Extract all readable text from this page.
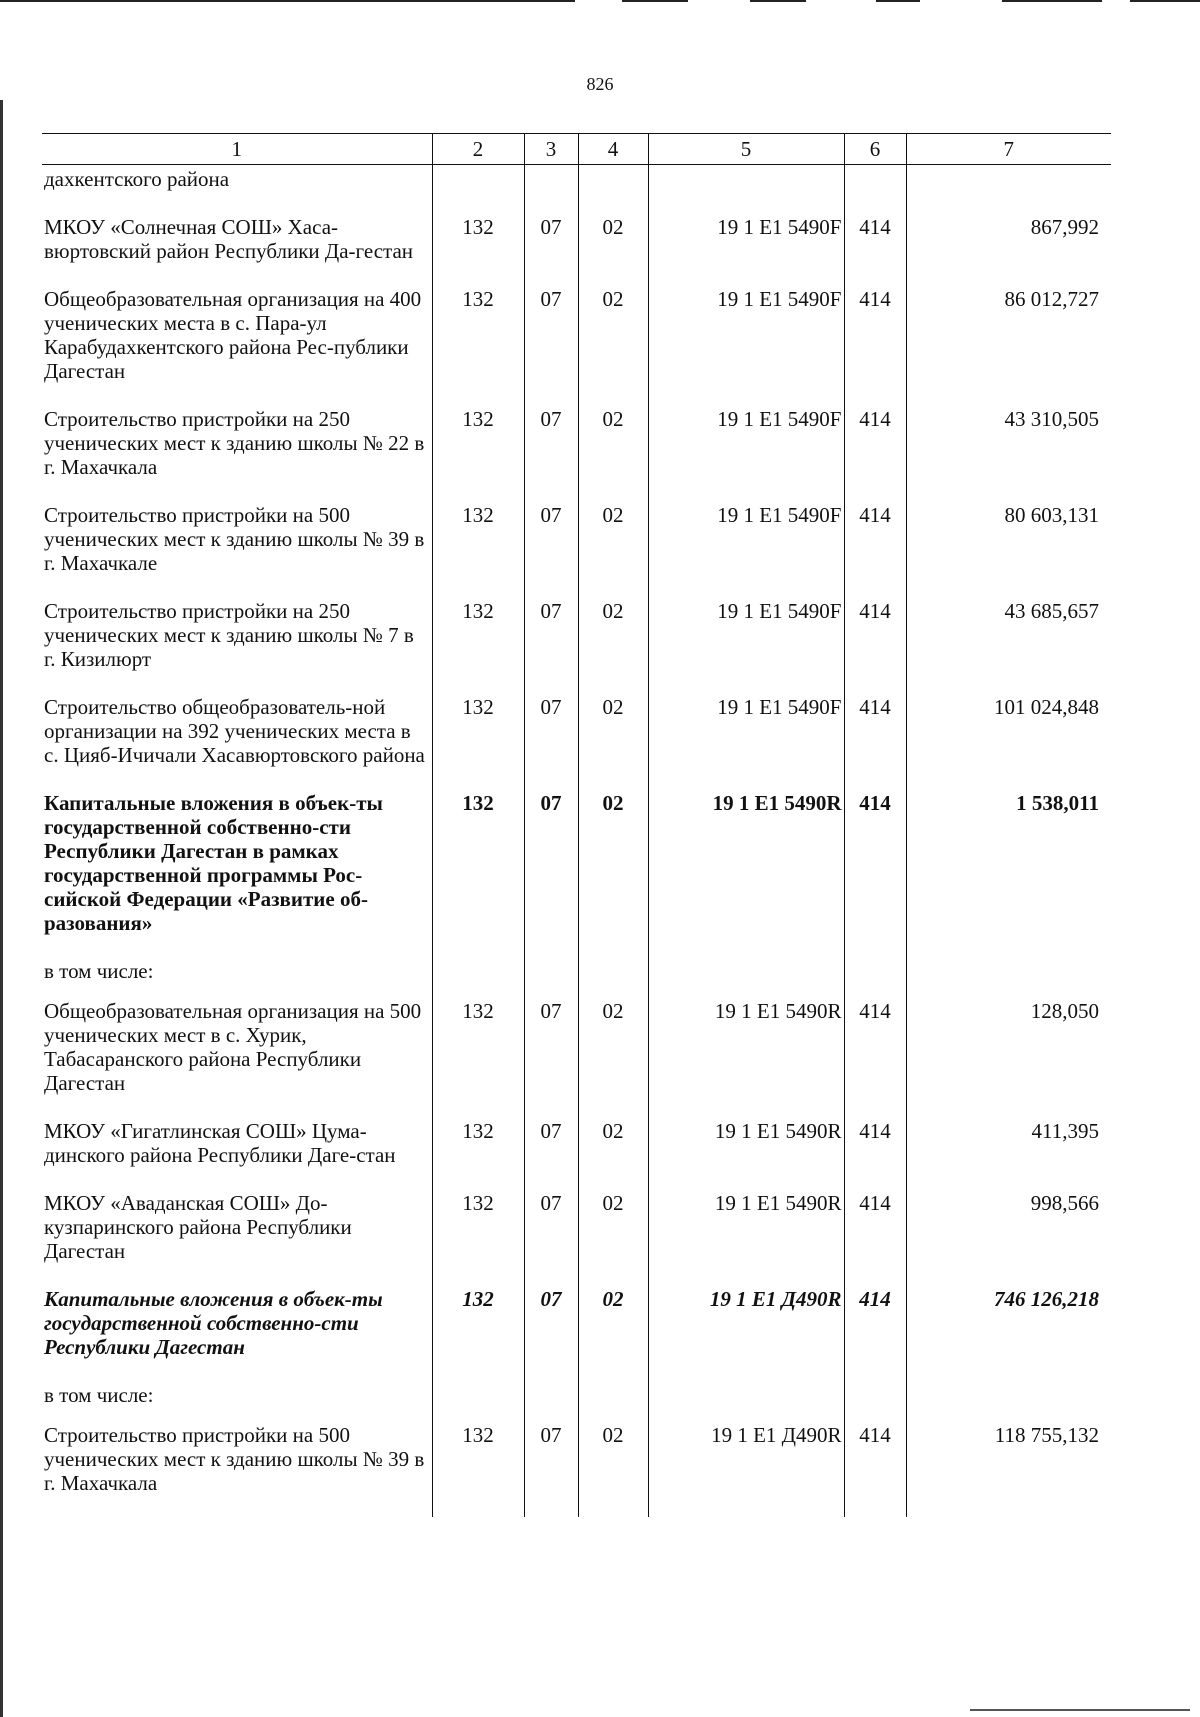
826
1	2	3	4	5	6	7
дахкентского района						
МКОУ «Солнечная СОШ» Хаса-вюртовский район Республики Да-гестан	132	07	02	19 1 E1 5490F	414	867,992
Общеобразовательная организация на 400 ученических места в с. Пара-ул Карабудахкентского района Рес-публики Дагестан	132	07	02	19 1 E1 5490F	414	86 012,727
Строительство пристройки на 250 ученических мест к зданию школы № 22 в г. Махачкала	132	07	02	19 1 E1 5490F	414	43 310,505
Строительство пристройки на 500 ученических мест к зданию школы № 39 в г. Махачкале	132	07	02	19 1 E1 5490F	414	80 603,131
Строительство пристройки на 250 ученических мест к зданию школы № 7 в г. Кизилюрт	132	07	02	19 1 E1 5490F	414	43 685,657
Строительство общеобразователь-ной организации на 392 ученических места в с. Цияб-Ичичали Хасавюртовского района	132	07	02	19 1 E1 5490F	414	101 024,848
Капитальные вложения в объек-ты государственной собственно-сти Республики Дагестан в рамках государственной программы Рос-сийской Федерации «Развитие об-разования»	132	07	02	19 1 E1 5490R	414	1 538,011
в том числе:						
Общеобразовательная организация на 500 ученических мест в с. Хурик, Табасаранского района Республики Дагестан	132	07	02	19 1 E1 5490R	414	128,050
МКОУ «Гигатлинская СОШ» Цума-динского района Республики Даге-стан	132	07	02	19 1 E1 5490R	414	411,395
МКОУ «Аваданская СОШ» До-кузпаринского района Республики Дагестан	132	07	02	19 1 E1 5490R	414	998,566
Капитальные вложения в объек-ты государственной собственно-сти Республики Дагестан	132	07	02	19 1 E1 Д490R	414	746 126,218
в том числе:						
Строительство пристройки на 500 ученических мест к зданию школы № 39 в г. Махачкала	132	07	02	19 1 E1 Д490R	414	118 755,132
